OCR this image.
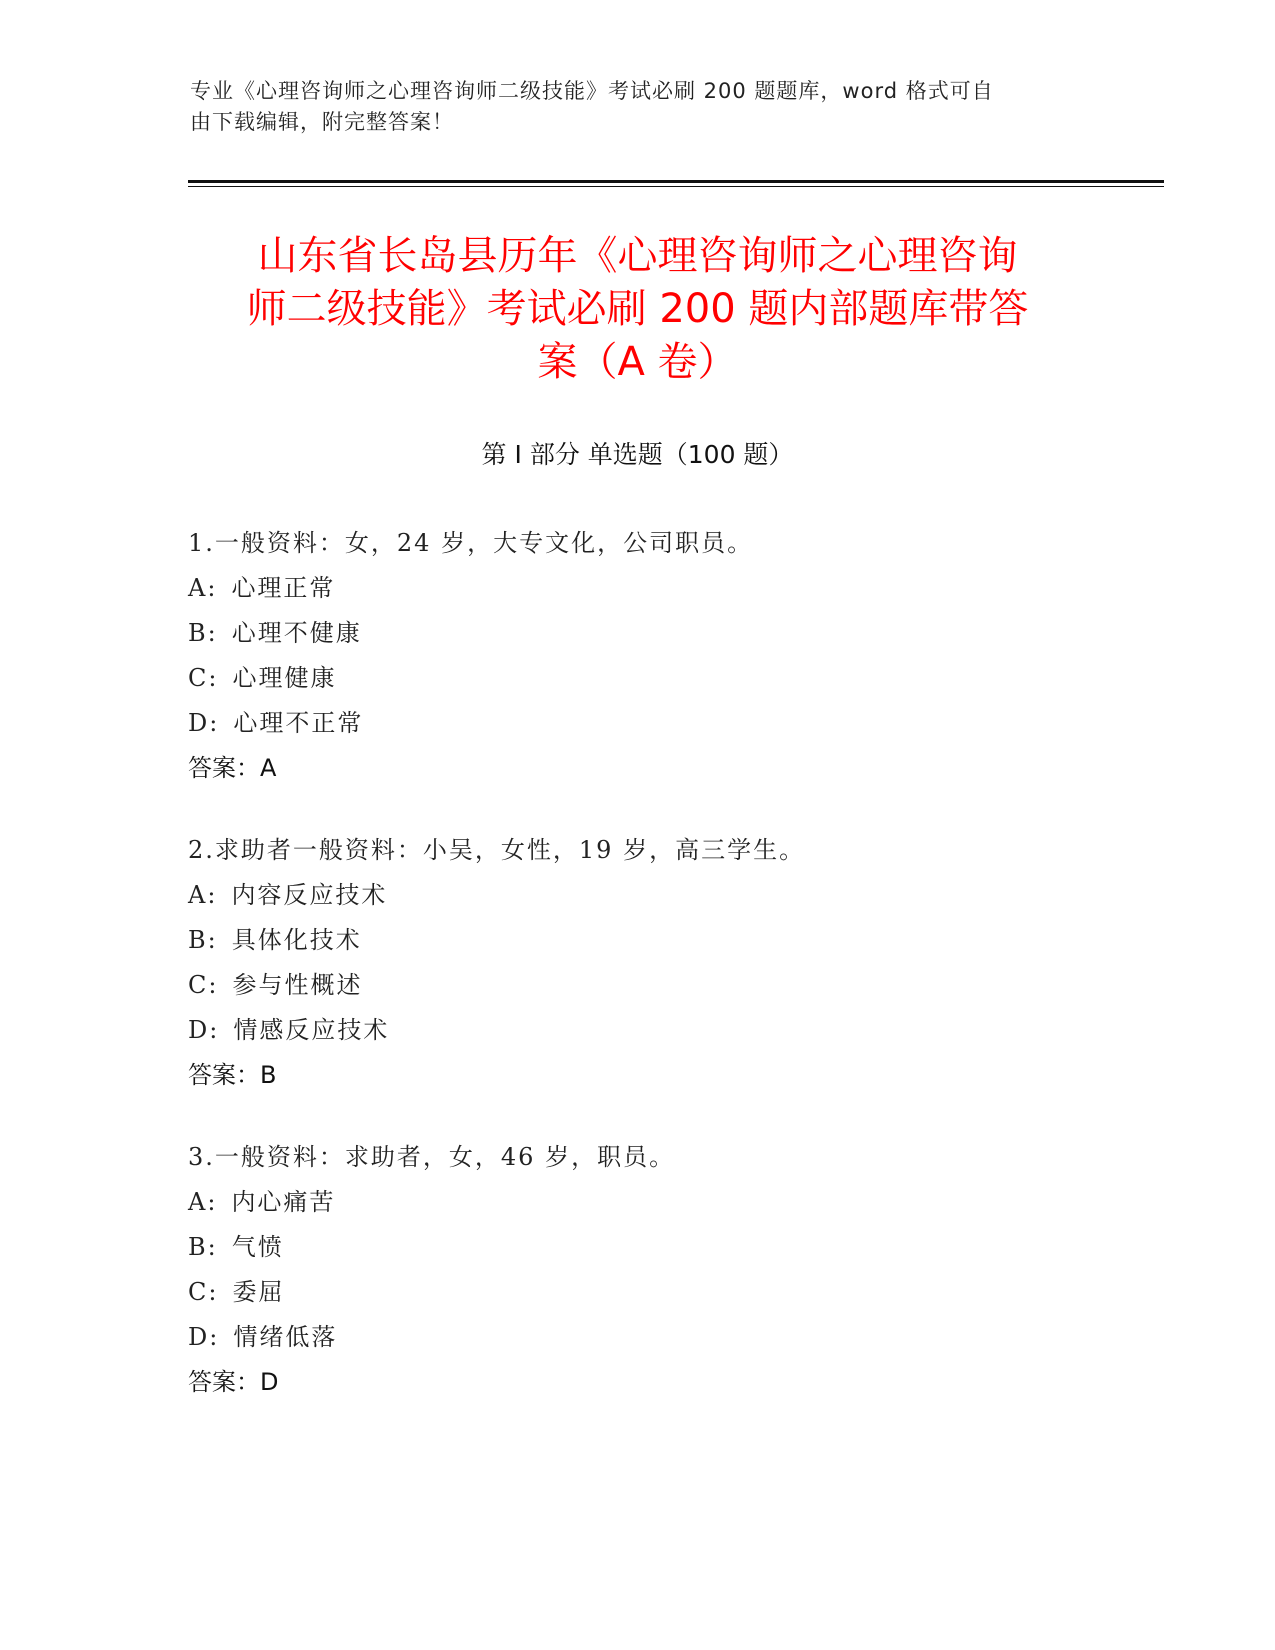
专业《心理咨询师之心理咨询师二级技能》考试必刷 200 题题库，word 格式可自
由下载编辑，附完整答案！
山东省长岛县历年《心理咨询师之心理咨询
师二级技能》考试必刷 200 题内部题库带答
案（A 卷）
第 I 部分 单选题（100 题）
1.一般资料：女，24 岁，大专文化，公司职员。
A: 心理正常
B: 心理不健康
C: 心理健康
D: 心理不正常
答案：A
2.求助者一般资料：小吴，女性，19 岁，高三学生。
A: 内容反应技术
B: 具体化技术
C: 参与性概述
D: 情感反应技术
答案：B
3.一般资料：求助者，女，46 岁，职员。
A: 内心痛苦
B: 气愤
C: 委屈
D: 情绪低落
答案：D
